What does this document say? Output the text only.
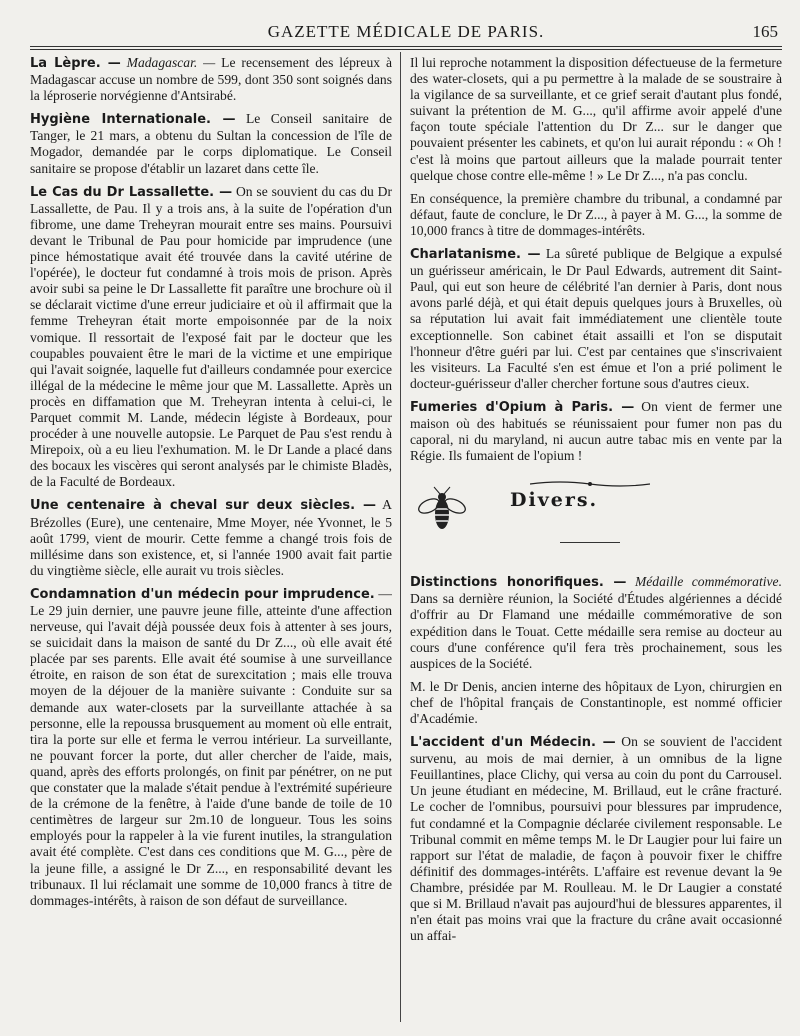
GAZETTE MÉDICALE DE PARIS.	165

La Lèpre. — Madagascar. — Le recensement des lépreux à Madagascar accuse un nombre de 599, dont 350 sont soignés dans la léproserie norvégienne d'Antsirabé.

Hygiène Internationale. — Le Conseil sanitaire de Tanger, le 21 mars, a obtenu du Sultan la concession de l'île de Mogador, demandée par le corps diplomatique. Le Conseil sanitaire se propose d'établir un lazaret dans cette île.

Le Cas du Dr Lassallette. — On se souvient du cas du Dr Lassallette, de Pau. Il y a trois ans, à la suite de l'opération d'un fibrome, une dame Treheyran mourait entre ses mains. Poursuivi devant le Tribunal de Pau pour homicide par imprudence (une pince hémostatique avait été trouvée dans la cavité utérine de l'opérée), le docteur fut condamné à trois mois de prison. Après avoir subi sa peine le Dr Lassallette fit paraître une brochure où il se déclarait victime d'une erreur judiciaire et où il affirmait que la femme Treheyran était morte empoisonnée par de la noix vomique. Il ressortait de l'exposé fait par le docteur que les coupables pouvaient être le mari de la victime et une empirique qui l'avait soignée, laquelle fut d'ailleurs condamnée pour exercice illégal de la médecine le même jour que M. Lassallette. Après un procès en diffamation que M. Treheyran intenta à celui-ci, le Parquet commit M. Lande, médecin légiste à Bordeaux, pour procéder à une nouvelle autopsie. Le Parquet de Pau s'est rendu à Mirepoix, où a eu lieu l'exhumation. M. le Dr Lande a placé dans des bocaux les viscères qui seront analysés par le chimiste Bladès, de la Faculté de Bordeaux.

Une centenaire à cheval sur deux siècles. — A Brézolles (Eure), une centenaire, Mme Moyer, née Yvonnet, le 5 août 1799, vient de mourir. Cette femme a changé trois fois de millésime dans son existence, et, si l'année 1900 avait fait partie du vingtième siècle, elle aurait vu trois siècles.

Condamnation d'un médecin pour imprudence. — Le 29 juin dernier, une pauvre jeune fille, atteinte d'une affection nerveuse, qui l'avait déjà poussée deux fois à attenter à ses jours, se suicidait dans la maison de santé du Dr Z..., où elle avait été placée par ses parents. Elle avait été soumise à une surveillance étroite, en raison de son état de surexcitation ; mais elle trouva moyen de la déjouer de la manière suivante : Conduite sur sa demande aux water-closets par la surveillante attachée à sa personne, elle la repoussa brusquement au moment où elle entrait, tira la porte sur elle et ferma le verrou intérieur. La surveillante, ne pouvant forcer la porte, dut aller chercher de l'aide, mais, quand, après des efforts prolongés, on finit par pénétrer, on ne put que constater que la malade s'était pendue à l'extrémité supérieure de la crémone de la fenêtre, à l'aide d'une bande de toile de 10 centimètres de largeur sur 2m.10 de longueur. Tous les soins employés pour la rappeler à la vie furent inutiles, la strangulation avait été complète. C'est dans ces conditions que M. G..., père de la jeune fille, a assigné le Dr Z..., en responsabilité devant les tribunaux. Il lui réclamait une somme de 10,000 francs à titre de dommages-intérêts, à raison de son défaut de surveillance.

Il lui reproche notamment la disposition défectueuse de la fermeture des water-closets, qui a pu permettre à la malade de se soustraire à la vigilance de sa surveillante, et ce grief serait d'autant plus fondé, suivant la prétention de M. G..., qu'il affirme avoir appelé d'une façon toute spéciale l'attention du Dr Z... sur le danger que pouvaient présenter les cabinets, et qu'on lui aurait répondu : « Oh ! c'est là moins que partout ailleurs que la malade pourrait tenter quelque chose contre elle-même ! » Le Dr Z..., n'a pas conclu.

En conséquence, la première chambre du tribunal, a condamné par défaut, faute de conclure, le Dr Z..., à payer à M. G..., la somme de 10,000 francs à titre de dommages-intérêts.

Charlatanisme. — La sûreté publique de Belgique a expulsé un guérisseur américain, le Dr Paul Edwards, autrement dit Saint-Paul, qui eut son heure de célébrité l'an dernier à Paris, dont nous avons parlé déjà, et qui était depuis quelques jours à Bruxelles, où sa réputation lui avait fait immédiatement une clientèle toute exceptionnelle. Son cabinet était assailli et l'on se disputait l'honneur d'être guéri par lui. C'est par centaines que s'inscrivaient les visiteurs. La Faculté s'en est émue et l'on a prié poliment le docteur-guérisseur d'aller chercher fortune sous d'autres cieux.

Fumeries d'Opium à Paris. — On vient de fermer une maison où des habitués se réunissaient pour fumer non pas du caporal, ni du maryland, ni aucun autre tabac mis en vente par la Régie. Ils fumaient de l'opium !

Divers.

Distinctions honorifiques. — Médaille commémorative. Dans sa dernière réunion, la Société d'Études algériennes a décidé d'offrir au Dr Flamand une médaille commémorative de son expédition dans le Touat. Cette médaille sera remise au docteur au cours d'une conférence qu'il fera très prochainement, sous les auspices de la Société.

M. le Dr Denis, ancien interne des hôpitaux de Lyon, chirurgien en chef de l'hôpital français de Constantinople, est nommé officier d'Académie.

L'accident d'un Médecin. — On se souvient de l'accident survenu, au mois de mai dernier, à un omnibus de la ligne Feuillantines, place Clichy, qui versa au coin du pont du Carrousel. Un jeune étudiant en médecine, M. Brillaud, eut le crâne fracturé. Le cocher de l'omnibus, poursuivi pour blessures par imprudence, fut condamné et la Compagnie déclarée civilement responsable. Le Tribunal commit en même temps M. le Dr Laugier pour lui faire un rapport sur l'état de maladie, de façon à pouvoir fixer le chiffre définitif des dommages-intérêts. L'affaire est revenue devant la 9e Chambre, présidée par M. Roulleau. M. le Dr Laugier a constaté que si M. Brillaud n'avait pas aujourd'hui de blessures apparentes, il n'en était pas moins vrai que la fracture du crâne avait occasionné un affai-
